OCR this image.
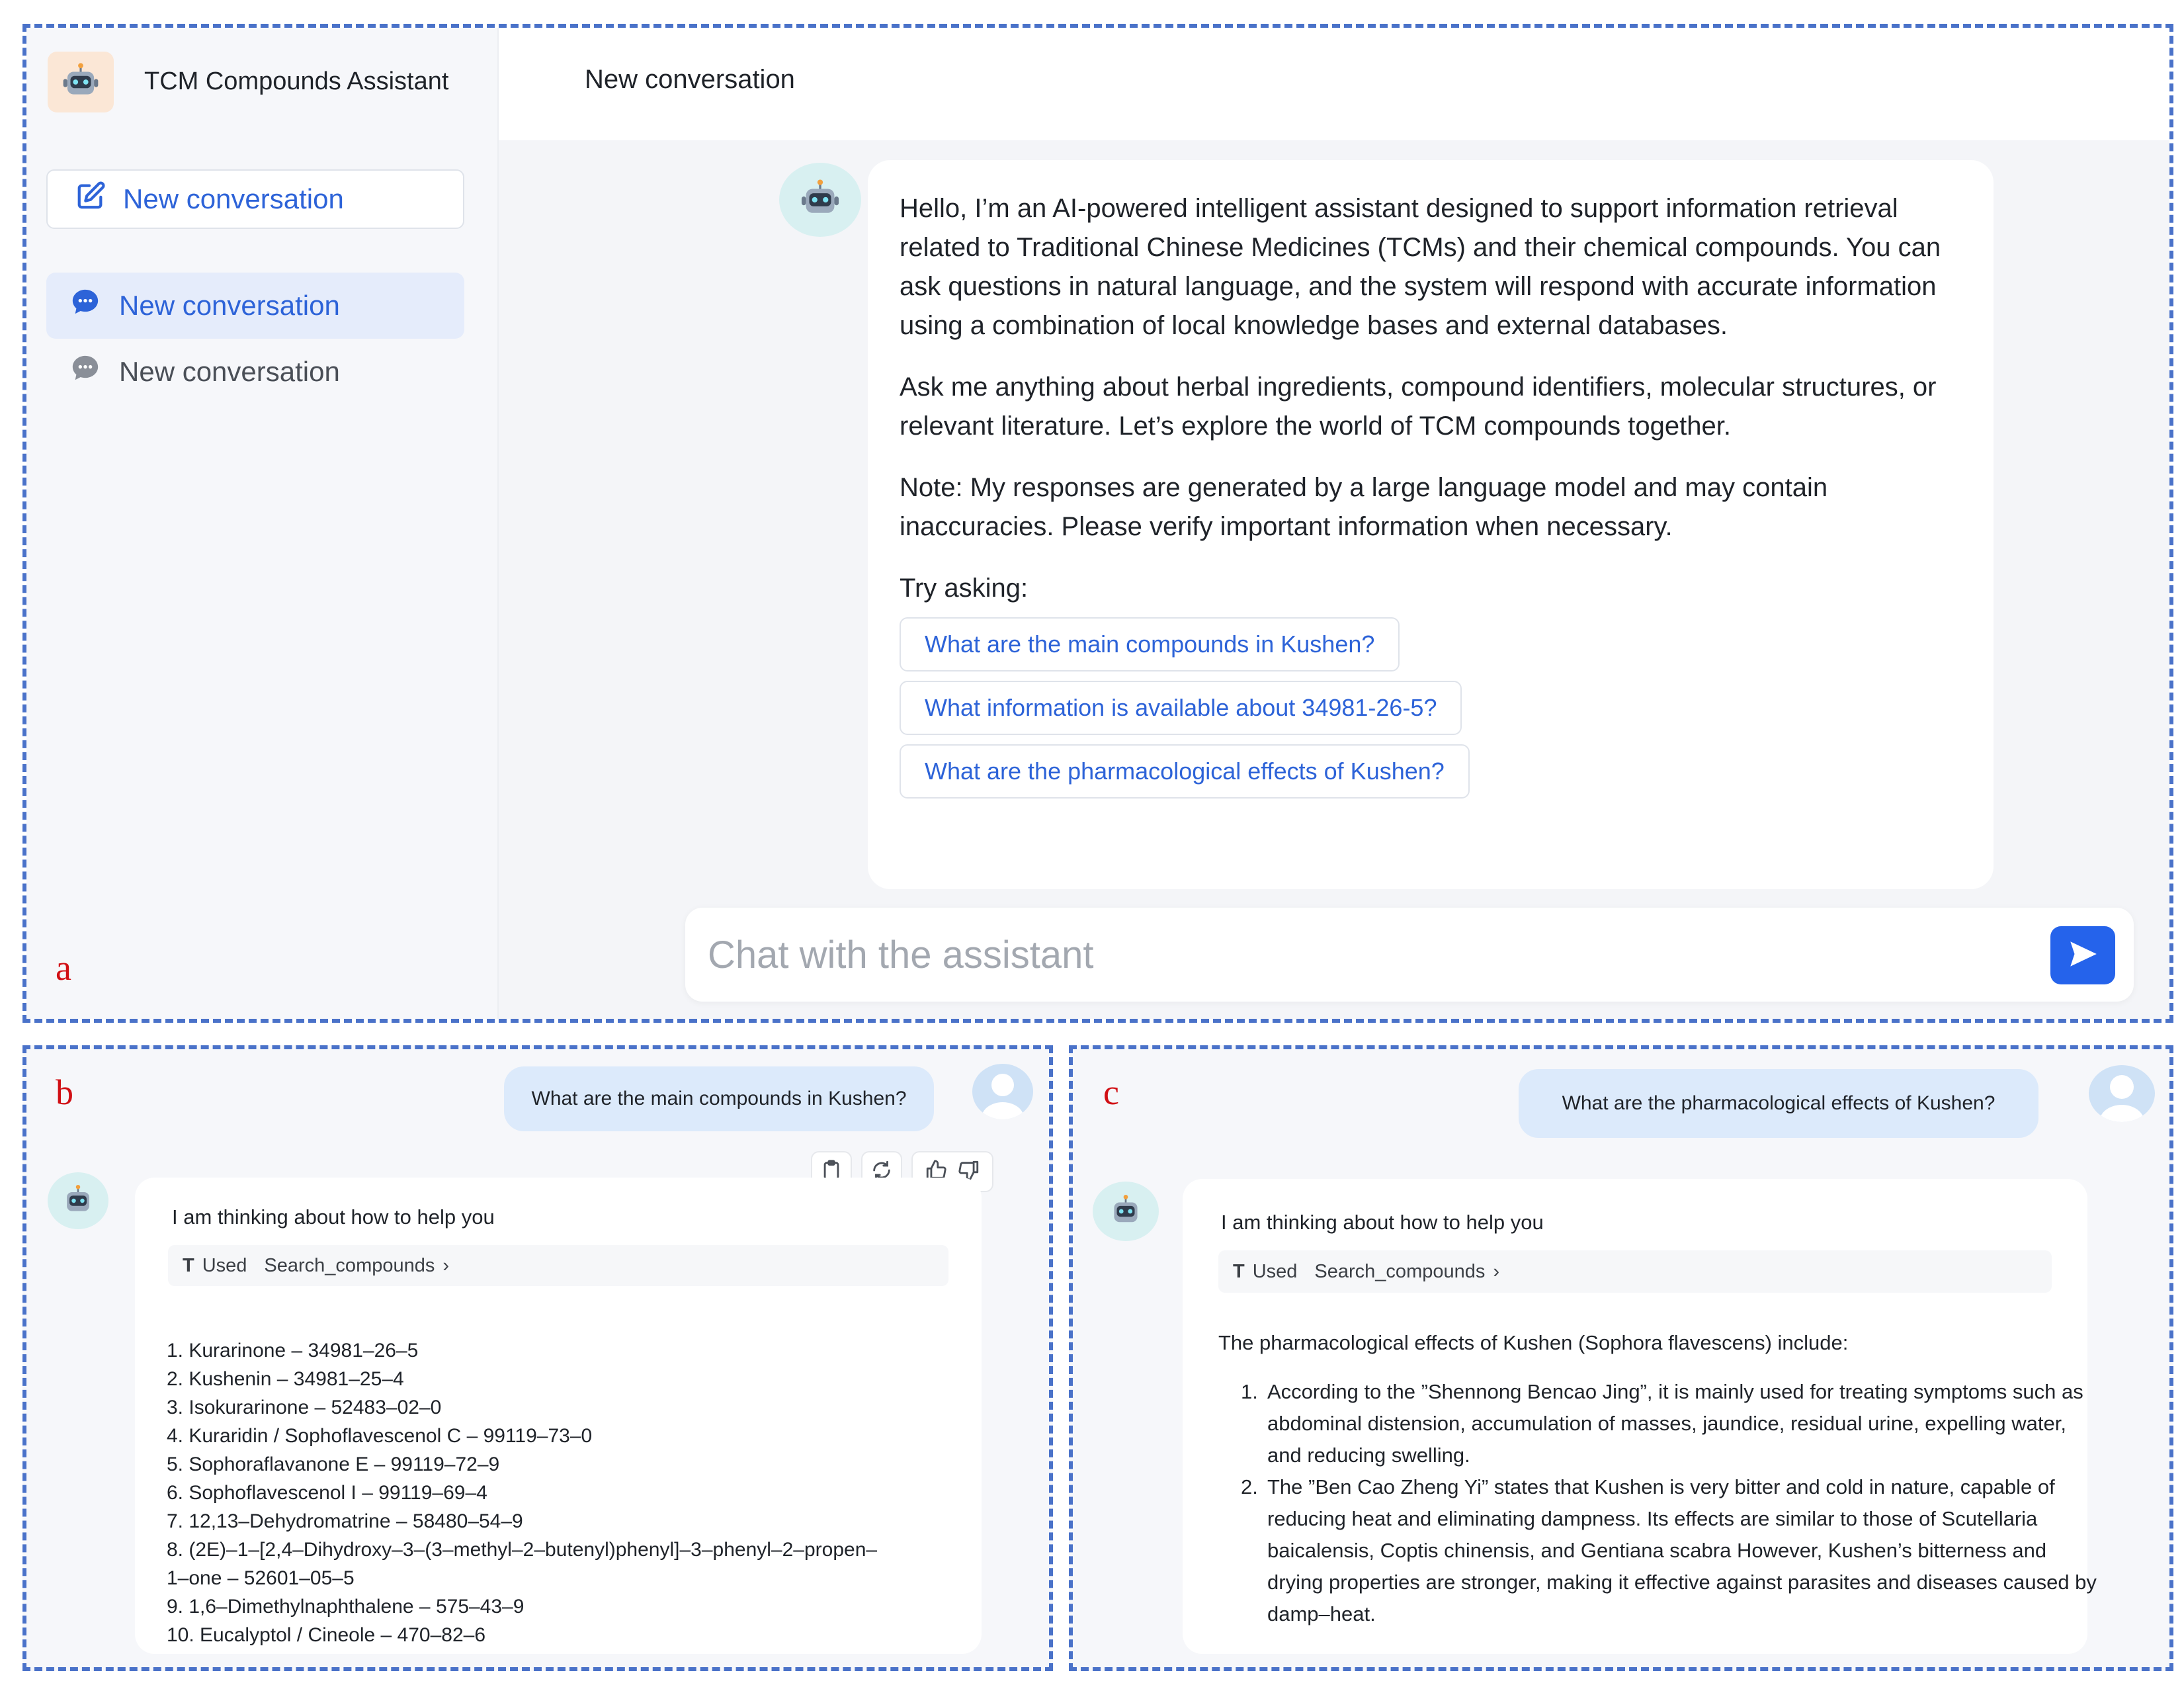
TCM Compounds Assistant
New conversation
New conversation
New conversation
a
New conversation

Hello, I’m an AI-powered intelligent assistant designed to support information retrieval related to Traditional Chinese Medicines (TCMs) and their chemical compounds. You can ask questions in natural language, and the system will respond with accurate information using a combination of local knowledge bases and external databases.

Ask me anything about herbal ingredients, compound identifiers, molecular structures, or relevant literature. Let’s explore the world of TCM compounds together.

Note: My responses are generated by a large language model and may contain inaccuracies. Please verify important information when necessary.

Try asking:

What are the main compounds in Kushen?
What information is available about 34981-26-5?
What are the pharmacological effects of Kushen?
Chat with the assistant
b	What are the main compounds in Kushen?
I am thinking about how to help you
T Used Search_compounds ›
1. Kurarinone – 34981–26–5
2. Kushenin – 34981–25–4
3. Isokurarinone – 52483–02–0
4. Kuraridin / Sophoflavescenol C – 99119–73–0
5. Sophoraflavanone E – 99119–72–9
6. Sophoflavescenol I – 99119–69–4
7. 12,13–Dehydromatrine – 58480–54–9
8. (2E)–1–[2,4–Dihydroxy–3–(3–methyl–2–butenyl)phenyl]–3–phenyl–2–propen–
1–one – 52601–05–5
9. 1,6–Dimethylnaphthalene – 575–43–9
10. Eucalyptol / Cineole – 470–82–6
c	What are the pharmacological effects of Kushen?
I am thinking about how to help you
T Used Search_compounds ›
The pharmacological effects of Kushen (Sophora flavescens) include:
1. According to the ”Shennong Bencao Jing”, it is mainly used for treating symptoms such as abdominal distension, accumulation of masses, jaundice, residual urine, expelling water, and reducing swelling.
2. The ”Ben Cao Zheng Yi” states that Kushen is very bitter and cold in nature, capable of reducing heat and eliminating dampness. Its effects are similar to those of Scutellaria baicalensis, Coptis chinensis, and Gentiana scabra However, Kushen’s bitterness and drying properties are stronger, making it effective against parasites and diseases caused by damp–heat.
